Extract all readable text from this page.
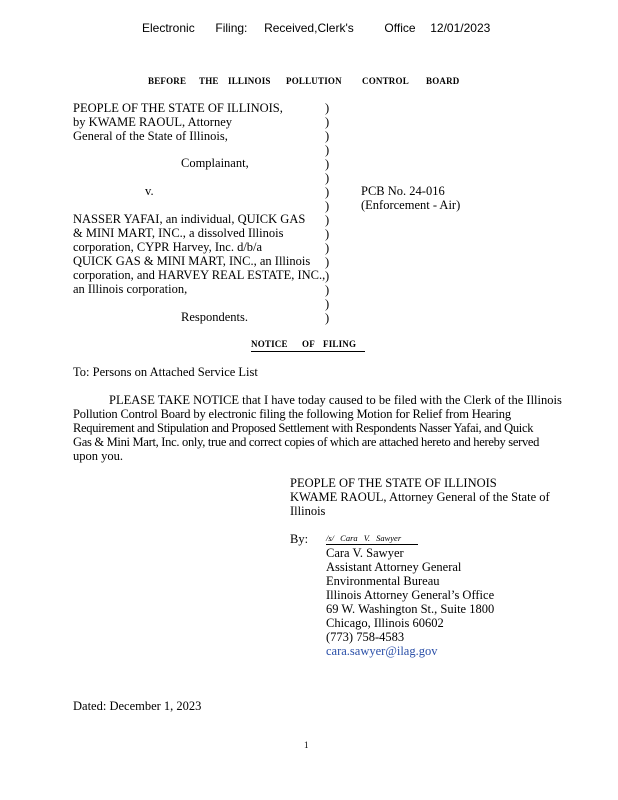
Electronic Filing: Received,Clerk's	Office 12/01/2023
BEFORE THE ILLINOIS POLLUTION CONTROL BOARD
PEOPLE OF THE STATE OF ILLINOIS,
by KWAME RAOUL, Attorney
General of the State of Illinois,
Complainant,
v.
NASSER YAFAI, an individual, QUICK GAS
& MINI MART, INC., a dissolved Illinois
corporation, CYPR Harvey, Inc. d/b/a
QUICK GAS & MINI MART, INC., an Illinois
corporation, and HARVEY REAL ESTATE, INC.,
an Illinois corporation,
Respondents.
)
)
)
)
)
)
)
)
)
)
)
)
)
)
)
)
PCB No. 24-016
(Enforcement - Air)
NOTICE OF FILING
To: Persons on Attached Service List
PLEASE TAKE NOTICE that I have today caused to be filed with the Clerk of the Illinois
Pollution Control Board by electronic filing the following Motion for Relief from Hearing
Requirement and Stipulation and Proposed Settlement with Respondents Nasser Yafai, and Quick
Gas & Mini Mart, Inc. only, true and correct copies of which are attached hereto and hereby served
upon you.
PEOPLE OF THE STATE OF ILLINOIS
KWAME RAOUL, Attorney General of the State of
Illinois
By: /s/ Cara V. Sawyer
Cara V. Sawyer
Assistant Attorney General
Environmental Bureau
Illinois Attorney General’s Office
69 W. Washington St., Suite 1800
Chicago, Illinois 60602
(773) 758-4583
cara.sawyer@ilag.gov
Dated: December 1, 2023
1
